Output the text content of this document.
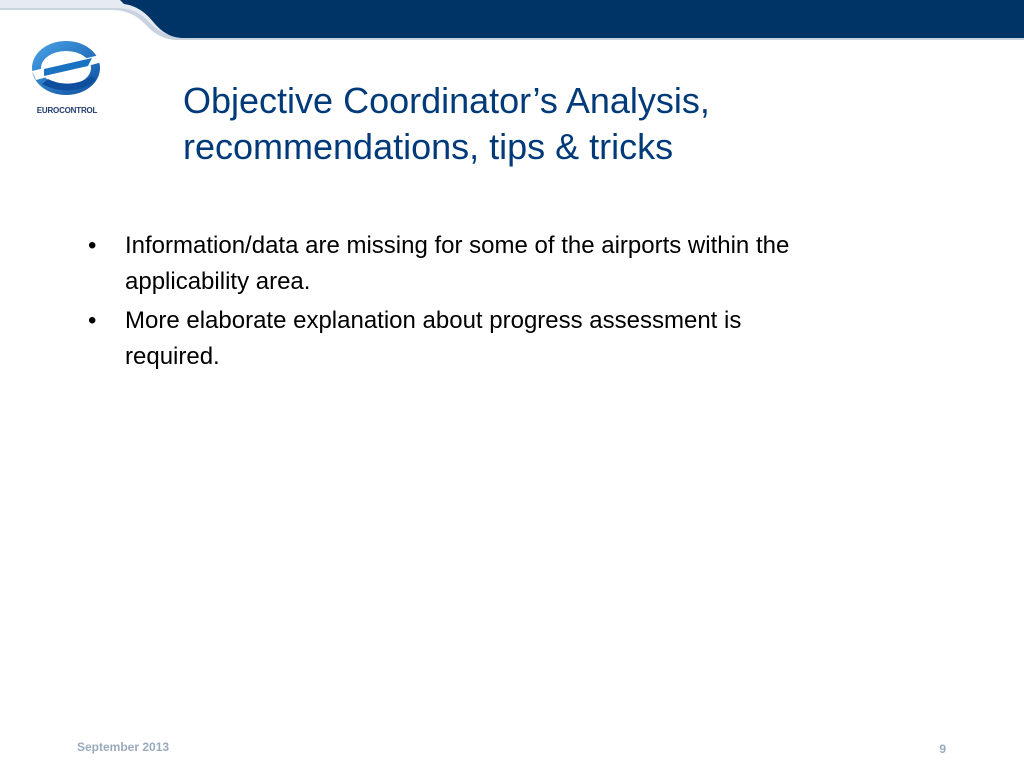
EUROCONTROL Objective Coordinator’s Analysis,
recommendations, tips & tricks
•	Information/data are missing for some of the airports within the
applicability area.
•	More elaborate explanation about progress assessment is
required.
September 2013	9
